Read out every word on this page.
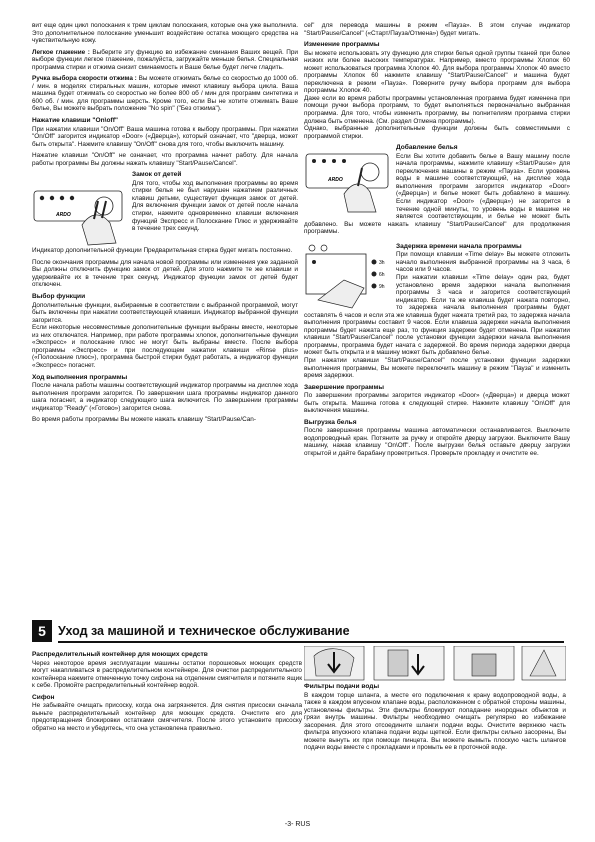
вит еще один цикл полоскания к трем циклам полоскания, которые она уже выполнила. Это дополнительное полоскание уменьшит воздействие остатка моющего средства на чувствительную кожу.

Легкое глажение : Выберите эту функцию во избежание сминания Ваших вещей. При выборе функции легкое глажение, пожалуйста, загружайте меньше белья. Специальная программа стирки и отжима снизит сминаемость и Ваше белье будет легче гладить.

Ручка выбора скорости отжима : Вы можете отжимать белье со скоростью до 1000 об. / мин. в моделях стиральных машин, которые имеют клавишу выбора цикла. Ваша машина будет отжимать со скоростью не более 800 об / мин для программ синтетика и 600 об. / мин. для программы шерсть. Кроме того, если Вы не хотите отжимать Ваше белье, Вы можете выбрать положение "No spin" ("Без отжима").

Нажатие клавиши "On\off"

При нажатии клавиши "On/Off" Ваша машина готова к выбору программы. При нажатии "On/Off" загорится индикатор «Door» («Дверца»), который означает, что "дверца, может быть открыта". Нажмите клавишу "On/Off" снова для того, чтобы выключить машину.

Нажатие клавиши "On/Off" не означает, что программа начнет работу. Для начала работы программы Вы должны нажать клавишу "Start/Pause/Cancel".

ARDO
Замок от детей

Для того, чтобы ход выполнения программы во время стирки белья не был нарушен нажатием различных клавиш детьми, существует функция замок от детей. Для включения функции замок от детей после начала стирки, нажмите одновременно клавиши включения функций Экспресс и Полоскание Плюс и удерживайте в течение трех секунд.

Индикатор дополнительной функции Предварительная стирка будет мигать постоянно.

После окончания программы для начала новой программы или изменения уже заданной Вы должны отключить функцию замок от детей. Для этого нажмите те же клавиши и удерживайте их в течение трех секунд. Индикатор функции замок от детей будет отключен.

Выбор функции

Дополнительные функции, выбираемые в соответствии с выбранной программой, могут быть включены при нажатии соответствующей клавиши. Индикатор выбранной функции загорится.

Если некоторые несовместимые дополнительные функции выбраны вместе, некоторые из них отключатся. Например, при работе программы хлопок, дополнительные функции «Экспресс» и полоскание плюс не могут быть выбраны вместе. После выбора программы «Экспресс» и при последующем нажатии клавиши «Rinse plus» («Полоскание плюс»), программа быстрой стирки будет работать, а индикатор функции «Экспресс» погаснет.

Ход выполнения программы

После начала работы машины соответствующий индикатор программы на дисплее хода выполнения программ загорится. По завершении шага программы индикатор данного шага погаснет, а индикатор следующего шага включится. По завершении программы индикатор "Ready" («Готово») загорится снова.

Во время работы программы Вы можете нажать клавишу "Start/Pause/Can-

cel" для перевода машины в режим «Пауза». В этом случае индикатор "Start/Pause/Cancel" («Старт/Пауза/Отмена») будет мигать.

Изменение программы

Вы можете использовать эту функцию для стирки белья одной группы тканей при более низких или более высоких температурах. Например, вместо программы Хлопок 60 может использоваться программа Хлопок 40. Для выбора программы Хлопок 40 вместо программы Хлопок 60 нажмите клавишу "Start/Pause/Cancel" и машина будет переключена в режим «Пауза». Поверните ручку выбора программ для выбора программы Хлопок 40.

Даже если во время работы программы установленная программа будет изменена при помощи ручки выбора программ, то будет выполняться первоначально выбранная программа. Для того, чтобы изменить программу, вы полнителиям программа стирки должна быть отменена. (См. раздел Отмена программы).

Однако, выбранные дополнительные функции должны быть совместимыми с программой стирки.

ARDO
Добавление белья

Если Вы хотите добавить белье в Вашу машину после начала программы, нажмите клавишу «Start/Pause» для переключения машины в режим «Пауза». Если уровень воды в машине соответствующий, на дисплее хода выполнения программ загорится индикатор «Door» («Дверца») и белье может быть добавлено в машину. Если индикатор «Door» («Дверца») не загорится в течение одной минуты, то уровень воды в машине не является соответствующим, и белье не может быть добавлено. Вы можете нажать клавишу "Start/Pause/Cancel" для продолжения программы.

3h
6h
9h
Задержка времени начала программы

При помощи клавиши «Time delay» Вы можете отложить начало выполнения выбранной программы на 3 часа, 6 часов или 9 часов.

При нажатии клавиши «Time delay» один раз, будет установлено время задержки начала выполнения программы 3 часа и загорится соответствующий индикатор. Если та же клавиша будет нажата повторно, то задержка начала выполнения программы будет составлять 6 часов и если эта же клавиша будет нажата третий раз, то задержка начала выполнения программы составит 9 часов. Если клавиша задержки начала выполнения программы будет нажата еще раз, то функция задержки будет отменена. При нажатии клавиши "Start/Pause/Cancel" после установки функции задержки начала выполнения программы, программа будет начата с задержкой. Во время периода задержки дверца может быть открыта и в машину может быть добавлено белье.

При нажатии клавиши "Start/Pause/Cancel" после установки функции задержки выполнения программы, Вы можете переключить машину в режим "Пауза" и изменить время задержки.

Завершение программы

По завершении программы загорится индикатор «Door» («Дверца») и дверца может быть открыта. Машина готова к следующей стирке. Нажмите клавишу "On\Off" для выключения машины.

Выгрузка белья

После завершения программы машина автоматически останавливается. Выключите водопроводный кран. Потяните за ручку и откройте дверцу загрузки. Выключите Вашу машину, нажав клавишу "On\Off". После выгрузки белья оставьте дверцу загрузки открытой и дайте барабану проветриться. Проверьте прокладку и очистите ее.

5 Уход за машиной и техническое обслуживание
Распределительный контейнер для моющих средств

Через некоторое время эксплуатации машины остатки порошковых моющих средств могут накапливаться в распределительном контейнере. Для очистки распределительного контейнера нажмите отмеченную точку сифона на отделении смягчителя и потяните ящик к себе. Промойте распределительный контейнер водой.

Сифон

Не забывайте очищать присоску, когда она загрязняется. Для снятия присоски сначала выньте распределительный контейнер для моющих средств. Очистите его для предотвращения блокировки остатками смягчителя. После этого установите присоску обратно на место и убедитесь, что она установлена правильно.

Фильтры подачи воды

В каждом торце шланга, а месте его подключения к крану водопроводной воды, а также в каждом впускном клапане воды, расположенном с обратной стороны машины, установлены фильтры. Эти фильтры блокируют попадание инородных объектов и грязи внутрь машины. Фильтры необходимо очищать регулярно во избежание засорения. Для этого отсоедините шланги подачи воды. Очистите верхнюю часть фильтра впускного клапана подачи воды щеткой. Если фильтры сильно засорены, Вы можете вынуть их при помощи пинцета. Вы можете вымыть плоскую часть шлангов подачи воды вместе с прокладками и промыть ее в проточной воде.

-3- RUS
